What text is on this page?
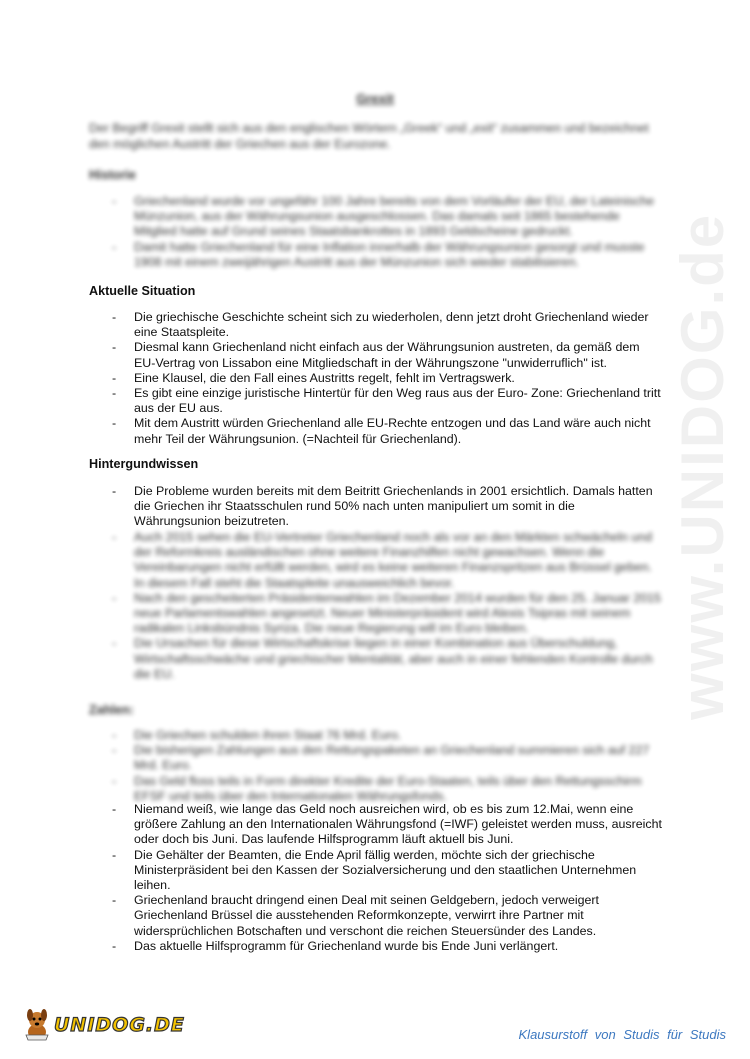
www.UNIDOG.de
Grexit
Der Begriff Grexit stellt sich aus den englischen Wörtern „Greek“ und „exit“ zusammen und bezeichnet den möglichen Austritt der Griechen aus der Eurozone.
Historie
- Griechenland wurde vor ungefähr 100 Jahre bereits von dem Vorläufer der EU, der Lateinische Münzunion, aus der Währungsunion ausgeschlossen. Das damals seit 1865 bestehende Mitglied hatte auf Grund seines Staatsbankrottes in 1893 Geldscheine gedruckt.
- Damit hatte Griechenland für eine Inflation innerhalb der Währungsunion gesorgt und musste 1908 mit einem zweijährigen Austritt aus der Münzunion sich wieder stabilisieren.
Aktuelle Situation
- Die griechische Geschichte scheint sich zu wiederholen, denn jetzt droht Griechenland wieder eine Staatspleite.
- Diesmal kann Griechenland nicht einfach aus der Währungsunion austreten, da gemäß dem EU-Vertrag von Lissabon eine Mitgliedschaft in der Währungszone "unwiderruflich" ist.
- Eine Klausel, die den Fall eines Austritts regelt, fehlt im Vertragswerk.
- Es gibt eine einzige juristische Hintertür für den Weg raus aus der Euro- Zone: Griechenland tritt aus der EU aus.
- Mit dem Austritt würden Griechenland alle EU-Rechte entzogen und das Land wäre auch nicht mehr Teil der Währungsunion. (=Nachteil für Griechenland).
Hintergundwissen
- Die Probleme wurden bereits mit dem Beitritt Griechenlands in 2001 ersichtlich. Damals hatten die Griechen ihr Staatsschulen rund 50% nach unten manipuliert um somit in die Währungsunion beizutreten.
- Auch 2015 sehen die EU-Vertreter Griechenland noch als vor an den Märkten schwächeln und der Reformkreis ausländischen ohne weitere Finanzhilfen nicht gewachsen. Wenn die Vereinbarungen nicht erfüllt werden, wird es keine weiteren Finanzspritzen aus Brüssel geben. In diesem Fall steht die Staatspleite unausweichlich bevor.
- Nach den gescheiterten Präsidentenwahlen im Dezember 2014 wurden für den 25. Januar 2015 neue Parlamentswahlen angesetzt. Neuer Ministerpräsident wird Alexis Tsipras mit seinem radikalen Linksbündnis Syriza. Die neue Regierung will im Euro bleiben.
- Die Ursachen für diese Wirtschaftskrise liegen in einer Kombination aus Überschuldung, Wirtschaftsschwäche und griechischer Mentalität, aber auch in einer fehlenden Kontrolle durch die EU.
Zahlen:
- Die Griechen schulden ihren Staat 76 Mrd. Euro.
- Die bisherigen Zahlungen aus den Rettungspaketen an Griechenland summieren sich auf 227 Mrd. Euro.
- Das Geld floss teils in Form direkter Kredite der Euro-Staaten, teils über den Rettungsschirm EFSF und teils über den Internationalen Währungsfonds.
- Niemand weiß, wie lange das Geld noch ausreichen wird, ob es bis zum 12.Mai, wenn eine größere Zahlung an den Internationalen Währungsfond (=IWF) geleistet werden muss, ausreicht oder doch bis Juni. Das laufende Hilfsprogramm läuft aktuell bis Juni.
- Die Gehälter der Beamten, die Ende April fällig werden, möchte sich der griechische Ministerpräsident bei den Kassen der Sozialversicherung und den staatlichen Unternehmen leihen.
- Griechenland braucht dringend einen Deal mit seinen Geldgebern, jedoch verweigert Griechenland Brüssel die ausstehenden Reformkonzepte, verwirrt ihre Partner mit widersprüchlichen Botschaften und verschont die reichen Steuersünder des Landes.
- Das aktuelle Hilfsprogramm für Griechenland wurde bis Ende Juni verlängert.
UNIDOG.DE	Klausurstoff von Studis für Studis
